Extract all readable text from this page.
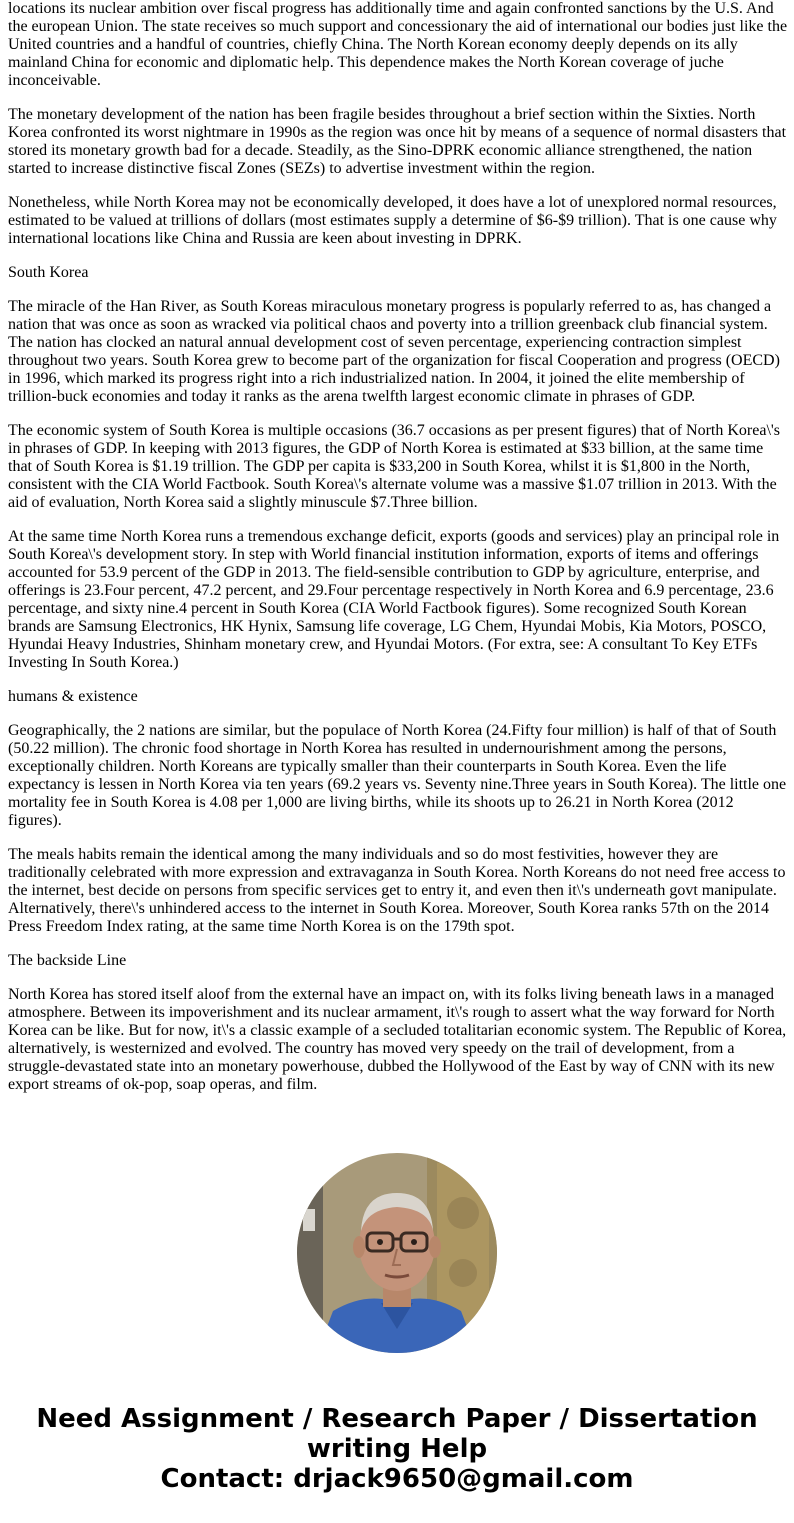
locations its nuclear ambition over fiscal progress has additionally time and again confronted sanctions by the U.S. And the european Union. The state receives so much support and concessionary the aid of international our bodies just like the United countries and a handful of countries, chiefly China. The North Korean economy deeply depends on its ally mainland China for economic and diplomatic help. This dependence makes the North Korean coverage of juche inconceivable.

The monetary development of the nation has been fragile besides throughout a brief section within the Sixties. North Korea confronted its worst nightmare in 1990s as the region was once hit by means of a sequence of normal disasters that stored its monetary growth bad for a decade. Steadily, as the Sino-DPRK economic alliance strengthened, the nation started to increase distinctive fiscal Zones (SEZs) to advertise investment within the region.

Nonetheless, while North Korea may not be economically developed, it does have a lot of unexplored normal resources, estimated to be valued at trillions of dollars (most estimates supply a determine of $6-$9 trillion). That is one cause why international locations like China and Russia are keen about investing in DPRK.

South Korea

The miracle of the Han River, as South Koreas miraculous monetary progress is popularly referred to as, has changed a nation that was once as soon as wracked via political chaos and poverty into a trillion greenback club financial system. The nation has clocked an natural annual development cost of seven percentage, experiencing contraction simplest throughout two years. South Korea grew to become part of the organization for fiscal Cooperation and progress (OECD) in 1996, which marked its progress right into a rich industrialized nation. In 2004, it joined the elite membership of trillion-buck economies and today it ranks as the arena twelfth largest economic climate in phrases of GDP.

The economic system of South Korea is multiple occasions (36.7 occasions as per present figures) that of North Korea\'s in phrases of GDP. In keeping with 2013 figures, the GDP of North Korea is estimated at $33 billion, at the same time that of South Korea is $1.19 trillion. The GDP per capita is $33,200 in South Korea, whilst it is $1,800 in the North, consistent with the CIA World Factbook. South Korea\'s alternate volume was a massive $1.07 trillion in 2013. With the aid of evaluation, North Korea said a slightly minuscule $7.Three billion.

At the same time North Korea runs a tremendous exchange deficit, exports (goods and services) play an principal role in South Korea\'s development story. In step with World financial institution information, exports of items and offerings accounted for 53.9 percent of the GDP in 2013. The field-sensible contribution to GDP by agriculture, enterprise, and offerings is 23.Four percent, 47.2 percent, and 29.Four percentage respectively in North Korea and 6.9 percentage, 23.6 percentage, and sixty nine.4 percent in South Korea (CIA World Factbook figures). Some recognized South Korean brands are Samsung Electronics, HK Hynix, Samsung life coverage, LG Chem, Hyundai Mobis, Kia Motors, POSCO, Hyundai Heavy Industries, Shinham monetary crew, and Hyundai Motors. (For extra, see: A consultant To Key ETFs Investing In South Korea.)

humans & existence

Geographically, the 2 nations are similar, but the populace of North Korea (24.Fifty four million) is half of that of South (50.22 million). The chronic food shortage in North Korea has resulted in undernourishment among the persons, exceptionally children. North Koreans are typically smaller than their counterparts in South Korea. Even the life expectancy is lessen in North Korea via ten years (69.2 years vs. Seventy nine.Three years in South Korea). The little one mortality fee in South Korea is 4.08 per 1,000 are living births, while its shoots up to 26.21 in North Korea (2012 figures).

The meals habits remain the identical among the many individuals and so do most festivities, however they are traditionally celebrated with more expression and extravaganza in South Korea. North Koreans do not need free access to the internet, best decide on persons from specific services get to entry it, and even then it\'s underneath govt manipulate. Alternatively, there\'s unhindered access to the internet in South Korea. Moreover, South Korea ranks 57th on the 2014 Press Freedom Index rating, at the same time North Korea is on the 179th spot.

The backside Line

North Korea has stored itself aloof from the external have an impact on, with its folks living beneath laws in a managed atmosphere. Between its impoverishment and its nuclear armament, it\'s rough to assert what the way forward for North Korea can be like. But for now, it\'s a classic example of a secluded totalitarian economic system. The Republic of Korea, alternatively, is westernized and evolved. The country has moved very speedy on the trail of development, from a struggle-devastated state into an monetary powerhouse, dubbed the Hollywood of the East by way of CNN with its new export streams of ok-pop, soap operas, and film.

Need Assignment / Research Paper / Dissertation
writing Help
Contact: drjack9650@gmail.com
